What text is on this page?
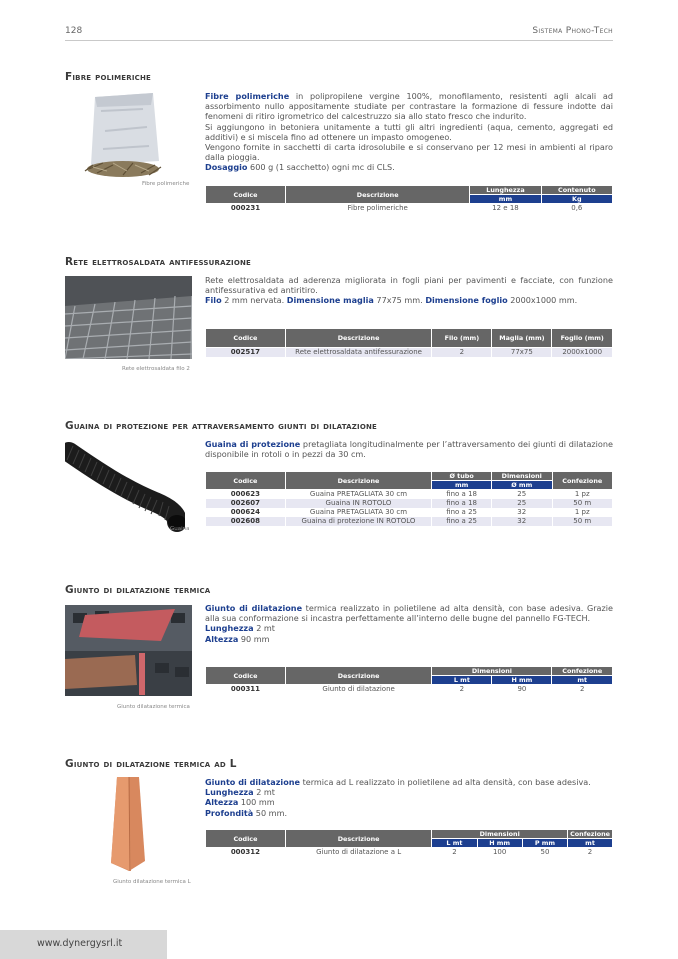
128	Sistema Phono-Tech
Fibre polimeriche
Fibre polimeriche

Fibre polimeriche in polipropilene vergine 100%, monofilamento, resistenti agli alcali ad assorbimento nullo appositamente studiate per contrastare la formazione di fessure indotte dai fenomeni di ritiro igrometrico del calcestruzzo sia allo stato fresco che indurito.

Si aggiungono in betoniera unitamente a tutti gli altri ingredienti (aqua, cemento, aggregati ed additivi) e si miscela fino ad ottenere un impasto omogeneo.

Vengono fornite in sacchetti di carta idrosolubile e si conservano per 12 mesi in ambienti al riparo dalla pioggia.

Dosaggio 600 g (1 sacchetto) ogni mc di CLS.

Codice	Descrizione	Lunghezza	Contenuto
		mm	Kg
000231	Fibre polimeriche	12 e 18	0,6
Rete elettrosaldata antifessurazione
Rete elettrosaldata filo 2

Rete elettrosaldata ad aderenza migliorata in fogli piani per pavimenti e facciate, con funzione antifessurativa ed antiritiro.

Filo 2 mm nervata. Dimensione maglia 77x75 mm. Dimensione foglio 2000x1000 mm.

Codice	Descrizione	Filo (mm)	Maglia (mm)	Foglio (mm)
002517	Rete elettrosaldata antifessurazione	2	77x75	2000x1000
Guaina di protezione per attraversamento giunti di dilatazione
Guaina

Guaina di protezione pretagliata longitudinalmente per l’attraversamento dei giunti di dilatazione disponibile in rotoli o in pezzi da 30 cm.

Codice	Descrizione	Ø tubo	Dimensioni	Confezione
		mm	Ø mm	
000623	Guaina PRETAGLIATA 30 cm	fino a 18	25	1 pz
002607	Guaina IN ROTOLO	fino a 18	25	50 m
000624	Guaina PRETAGLIATA 30 cm	fino a 25	32	1 pz
002608	Guaina di protezione IN ROTOLO	fino a 25	32	50 m
Giunto di dilatazione termica
Giunto dilatazione termica

Giunto di dilatazione termica realizzato in polietilene ad alta densità, con base adesiva. Grazie alla sua conformazione si incastra perfettamente all’interno delle bugne del pannello FG-TECH.

Lunghezza 2 mt

Altezza 90 mm

Codice	Descrizione	Dimensioni		Confezione
		L mt	H mm	mt
000311	Giunto di dilatazione	2	90	2
Giunto di dilatazione termica ad L
Giunto dilatazione termica L

Giunto di dilatazione termica ad L realizzato in polietilene ad alta densità, con base adesiva.

Lunghezza 2 mt

Altezza 100 mm

Profondità 50 mm.

Codice	Descrizione	Dimensioni			Confezione
		L mt	H mm	P mm	mt
000312	Giunto di dilatazione a L	2	100	50	2
www.dynergysrl.it
